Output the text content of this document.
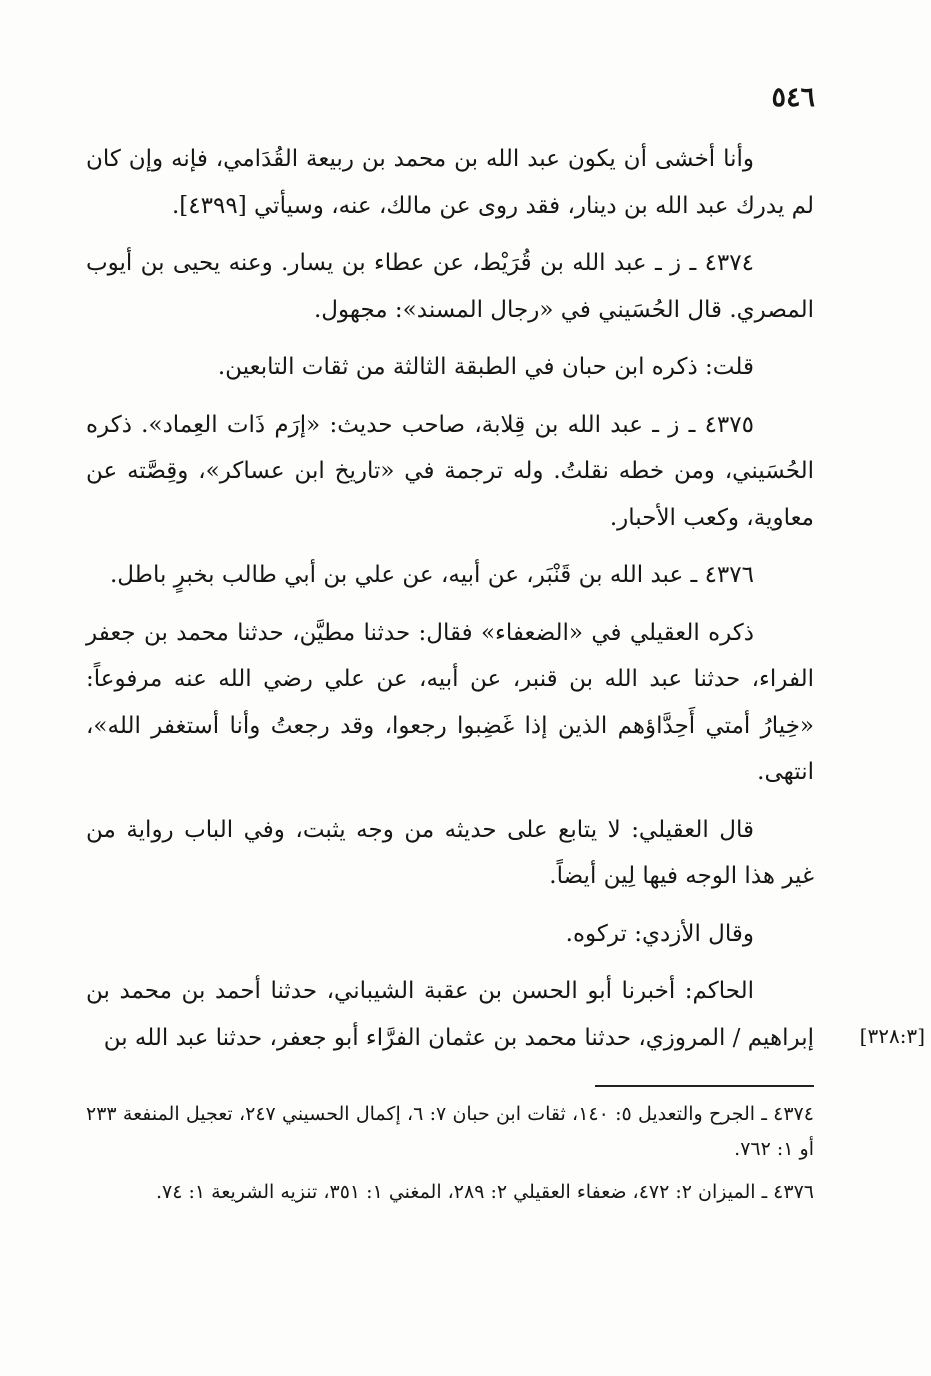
٥٤٦

وأنا أخشى أن يكون عبد الله بن محمد بن ربيعة القُدَامي، فإنه وإن كان لم يدرك عبد الله بن دينار، فقد روى عن مالك، عنه، وسيأتي [٤٣٩٩].

٤٣٧٤ ـ ز ـ عبد الله بن قُرَيْط، عن عطاء بن يسار. وعنه يحيى بن أيوب المصري. قال الحُسَيني في «رجال المسند»: مجهول.

قلت: ذكره ابن حبان في الطبقة الثالثة من ثقات التابعين.

٤٣٧٥ ـ ز ـ عبد الله بن قِلابة، صاحب حديث: «إرَم ذَات العِماد». ذكره الحُسَيني، ومن خطه نقلتُ. وله ترجمة في «تاريخ ابن عساكر»، وقِصَّته عن معاوية، وكعب الأحبار.

٤٣٧٦ ـ عبد الله بن قَنْبَر، عن أبيه، عن علي بن أبي طالب بخبرٍ باطل.

ذكره العقيلي في «الضعفاء» فقال: حدثنا مطيَّن، حدثنا محمد بن جعفر الفراء، حدثنا عبد الله بن قنبر، عن أبيه، عن علي رضي الله عنه مرفوعاً: «خِيارُ أمتي أَحِدَّاؤهم الذين إذا غَضِبوا رجعوا، وقد رجعتُ وأنا أستغفر الله»، انتهى.

قال العقيلي: لا يتابع على حديثه من وجه يثبت، وفي الباب رواية من غير هذا الوجه فيها لِين أيضاً.

وقال الأزدي: تركوه.

الحاكم: أخبرنا أبو الحسن بن عقبة الشيباني، حدثنا أحمد بن محمد بن إبراهيم / المروزي، حدثنا محمد بن عثمان الفرَّاء أبو جعفر، حدثنا عبد الله بن [٣٢٨:٣]

٤٣٧٤ ـ الجرح والتعديل ٥: ١٤٠، ثقات ابن حبان ٧: ٦، إكمال الحسيني ٢٤٧، تعجيل المنفعة ٢٣٣ أو ١: ٧٦٢.

٤٣٧٦ ـ الميزان ٢: ٤٧٢، ضعفاء العقيلي ٢: ٢٨٩، المغني ١: ٣٥١، تنزيه الشريعة ١: ٧٤.
